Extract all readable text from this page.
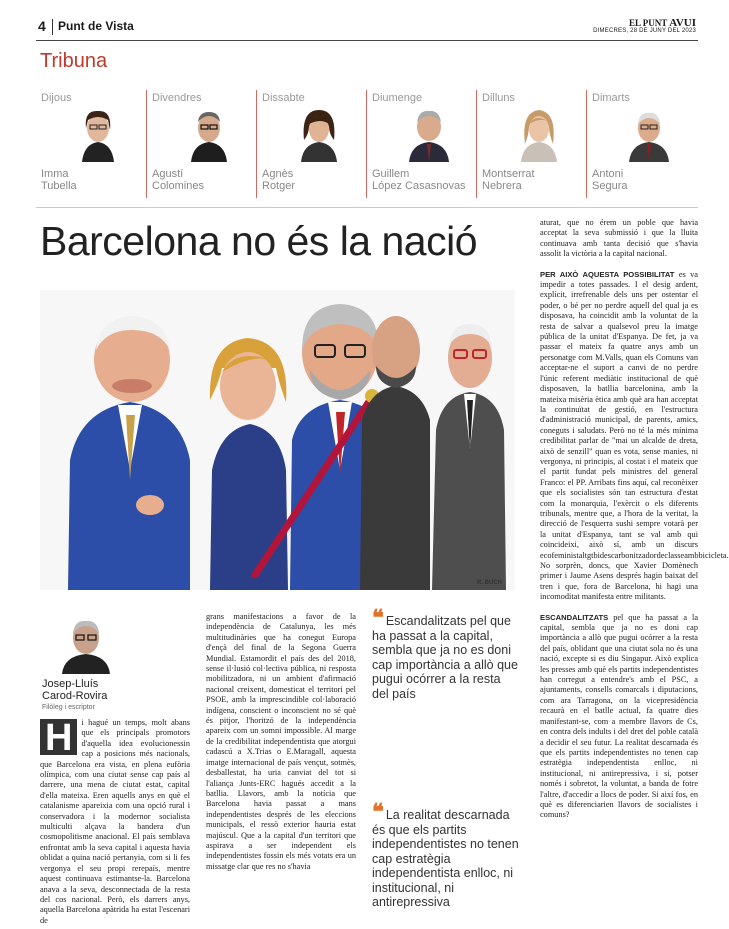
4 Punt de Vista	EL PUNT AVUI
DIMECRES, 28 DE JUNY DEL 2023
Tribuna
Dijous
Imma
Tubella
Divendres
Agustí
Colomines
Dissabte
Agnès
Rotger
Diumenge
Guillem
López Casasnovas
Dilluns
Montserrat
Nebrera
Dimarts
Antoni
Segura
Barcelona no és la nació
R. BUCH
Josep-Lluís
Carod-Rovira
Filòleg i escriptor

H	i hagué un temps, molt abans que els principals promotors d'aquella idea evolucionessin cap a posicions més nacionals, que Barcelona era vista, en plena eufòria olímpica, com una ciutat sense cap país al darrere, una mena de ciutat estat, capital d'ella mateixa. Eren aquells anys en què el catalanisme apareixia com una opció rural i conservadora i la modernor socialista multiculti alçava la bandera d'un cosmopolitisme anacional. El país semblava enfrontat amb la seva capital i aquesta havia oblidat a quina nació pertanyia, com si li fes vergonya el seu propi rerepaís, mentre aquest continuava estimantse-la. Barcelona anava a la seva, desconnectada de la resta del cos nacional. Però, els darrers anys, aquella Barcelona apàtrida ha estat l'escenari de

grans manifestacions a favor de la independència de Catalunya, les més multitudinàries que ha conegut Europa d'ençà del final de la Segona Guerra Mundial. Estamordit el país des del 2018, sense il·lusió col·lectiva pública, ni resposta mobilitzadora, ni un ambient d'afirmació nacional creixent, domesticat el territori pel PSOE, amb la imprescindible col·laboració indígena, conscient o inconscient no sé què és pitjor, l'horitzó de la independència apareix com un somni impossible. Al marge de la credibilitat independentista que atorgui cadascú a X.Trias o E.Maragall, aquesta imatge internacional de país vençut, sotmès, desballestat, ha uria canviat del tot si l'aliança Junts-ERC hagués accedit a la batllia. Llavors, amb la notícia que Barcelona havia passat a mans independentistes després de les eleccions municipals, el ressò exterior hauria estat majúscul. Que a la capital d'un territori que aspirava a ser independent els independentistes fossin els més votats era un missatge clar que res no s'havia

❝ Escandalitzats pel que ha passat a la capital, sembla que ja no es doni cap importància a allò que pugui ocórrer a la resta del país
❝ La realitat descarnada és que els partits independentistes no tenen cap estratègia independentista enlloc, ni institucional, ni antirepressiva

aturat, que no érem un poble que havia acceptat la seva submissió i que la lluita continuava amb tanta decisió que s'havia assolit la victòria a la capital nacional.

PER AIXÒ AQUESTA POSSIBILITAT es va impedir a totes passades. I el desig ardent, explícit, irrefrenable dels uns per ostentar el poder, o bé per no perdre aquell del qual ja es disposava, ha coincidit amb la voluntat de la resta de salvar a qualsevol preu la imatge pública de la unitat d'Espanya. De fet, ja va passar el mateix fa quatre anys amb un personatge com M.Valls, quan els Comuns van acceptar-ne el suport a canvi de no perdre l'únic referent mediàtic institucional de què disposaven, la batllia barcelonina, amb la mateixa misèria ètica amb què ara han acceptat la continuïtat de gestió, en l'estructura d'administració municipal, de parents, amics, coneguts i saludats. Però no té la més mínima credibilitat parlar de "mai un alcalde de dreta, això de senzill" quan es vota, sense manies, ni vergonya, ni principis, al costat i el mateix que el partit fundat pels ministres del general Franco: el PP. Arribats fins aquí, cal reconèixer que els socialistes són tan estructura d'estat com la monarquia, l'exèrcit o els diferents tribunals, mentre que, a l'hora de la veritat, la direcció de l'esquerra sushi sempre votarà per la unitat d'Espanya, tant se val amb qui coincideixi, això sí, amb un discurs ecofeministaltgtbidescarbonitzadordeclasseambbicicleta. No sorprèn, doncs, que Xavier Domènech primer i Jaume Asens després hagin baixat del tren i que, fora de Barcelona, hi hagi una incomoditat manifesta entre militants.

ESCANDALITZATS pel que ha passat a la capital, sembla que ja no es doni cap importància a allò que pugui ocórrer a la resta del país, oblidant que una ciutat sola no és una nació, excepte si es diu Singapur. Això explica les presses amb què els partits independentistes han corregut a entendre's amb el PSC, a ajuntaments, consells comarcals i diputacions, com ara Tarragona, on la vicepresidència recaurà en el batlle actual, fa quatre dies manifestant-se, com a membre llavors de Cs, en contra dels indults i del dret del poble català a decidir el seu futur. La realitat descarnada és que els partits independentistes no tenen cap estratègia independentista enlloc, ni institucional, ni antirepressiva, i si, potser només i sobretot, la voluntat, a banda de fotre l'altre, d'accedir a llocs de poder. Si així fos, en què es diferenciarien llavors de socialistes i comuns?
